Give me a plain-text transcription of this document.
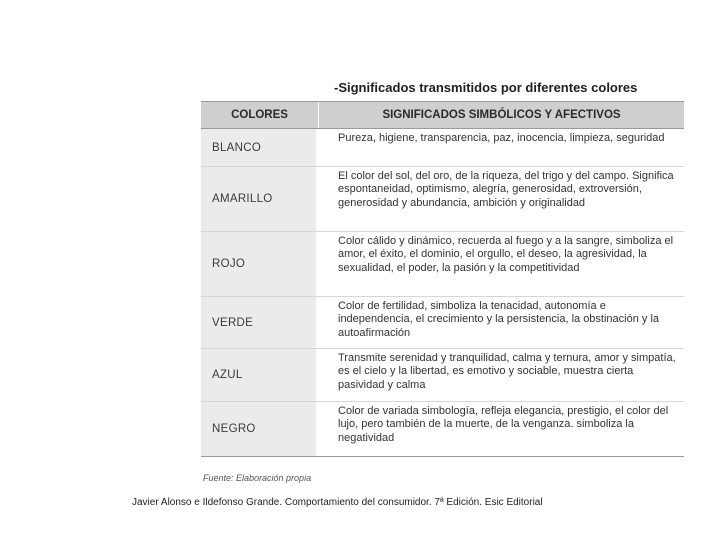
-Significados transmitidos por diferentes colores
COLORES	SIGNIFICADOS SIMBÓLICOS Y AFECTIVOS
BLANCO
Pureza, higiene, transparencia, paz, inocencia, limpieza, seguridad
AMARILLO
El color del sol, del oro, de la riqueza, del trigo y del campo. Significa espontaneidad, optimismo, alegría, generosidad, extroversión, generosidad y abundancia, ambición y originalidad
ROJO
Color cálido y dinámico, recuerda al fuego y a la sangre, simboliza el amor, el éxito, el dominio, el orgullo, el deseo, la agresividad, la sexualidad, el poder, la pasión y la competitividad
VERDE
Color de fertilidad, simboliza la tenacidad, autonomía e independencia, el crecimiento y la persistencia, la obstinación y la autoafirmación
AZUL
Transmite serenidad y tranquilidad, calma y ternura, amor y simpatía, es el cielo y la libertad, es emotivo y sociable, muestra cierta pasividad y calma
NEGRO
Color de variada simbología, refleja elegancia, prestigio, el color del lujo, pero también de la muerte, de la venganza. simboliza la negatividad
Fuente: Elaboración propia
Javier Alonso e Ildefonso Grande. Comportamiento del consumidor. 7ª Edición. Esic Editorial
